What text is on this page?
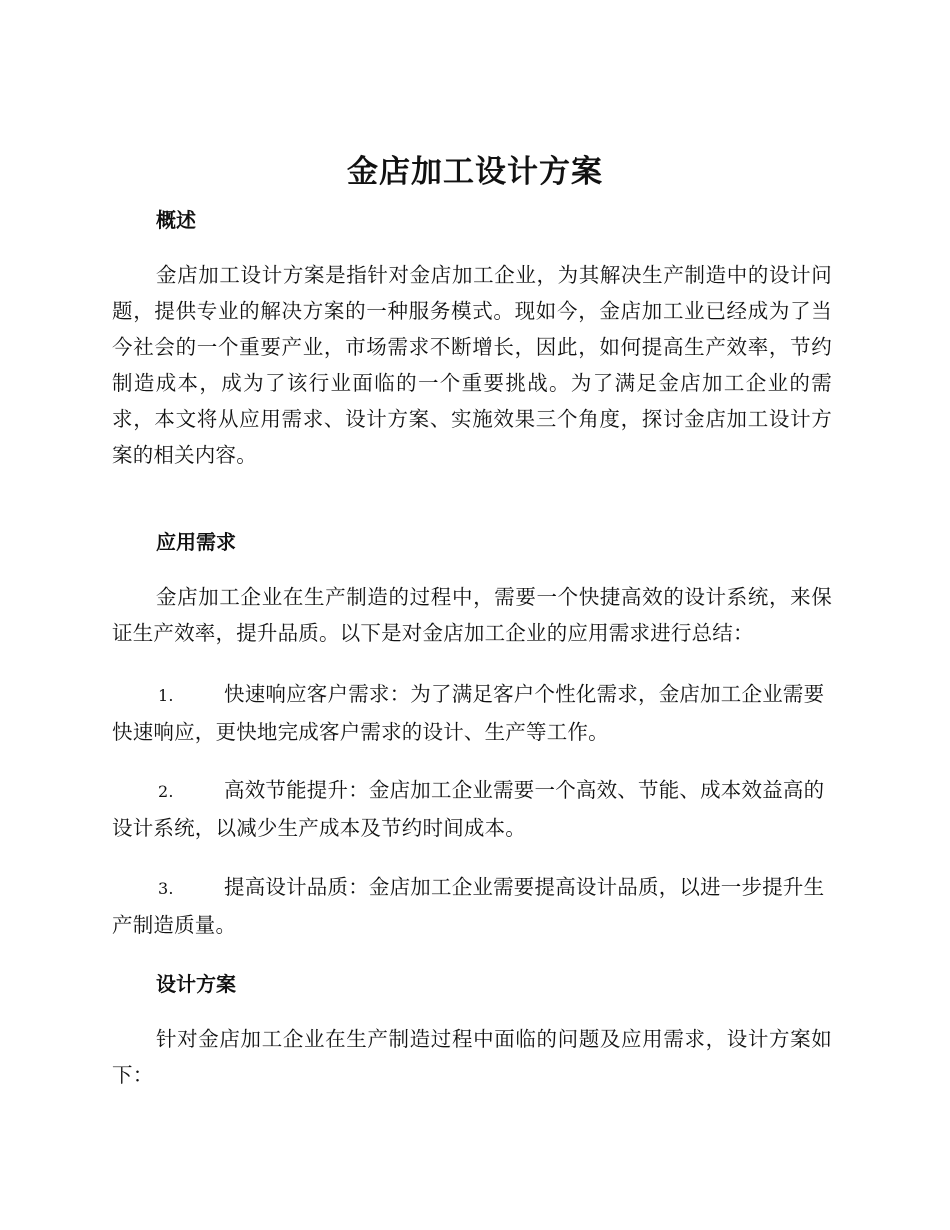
金店加工设计方案
概述

金店加工设计方案是指针对金店加工企业，为其解决生产制造中的设计问题，提供专业的解决方案的一种服务模式。现如今，金店加工业已经成为了当今社会的一个重要产业，市场需求不断增长，因此，如何提高生产效率，节约制造成本，成为了该行业面临的一个重要挑战。为了满足金店加工企业的需求，本文将从应用需求、设计方案、实施效果三个角度，探讨金店加工设计方案的相关内容。

应用需求

金店加工企业在生产制造的过程中，需要一个快捷高效的设计系统，来保证生产效率，提升品质。以下是对金店加工企业的应用需求进行总结：

1. 快速响应客户需求：为了满足客户个性化需求，金店加工企业需要快速响应，更快地完成客户需求的设计、生产等工作。

2. 高效节能提升：金店加工企业需要一个高效、节能、成本效益高的设计系统，以减少生产成本及节约时间成本。

3. 提高设计品质：金店加工企业需要提高设计品质，以进一步提升生产制造质量。

设计方案

针对金店加工企业在生产制造过程中面临的问题及应用需求，设计方案如下：
